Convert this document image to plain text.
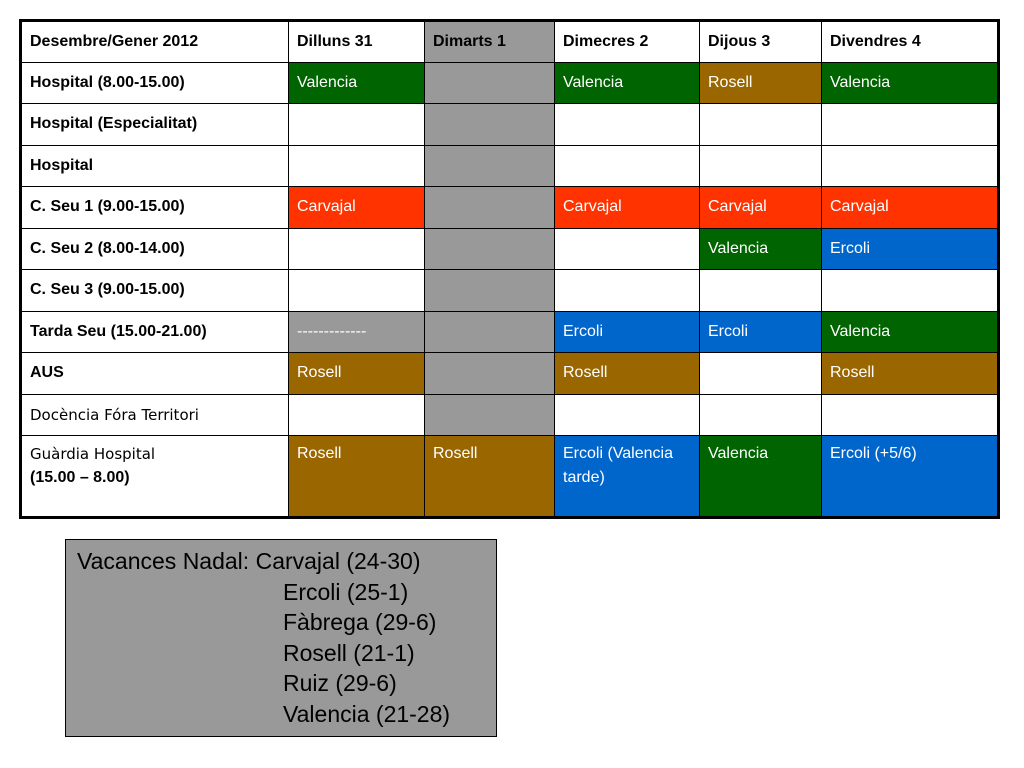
Desembre/Gener 2012	Dilluns 31	Dimarts 1	Dimecres 2	Dijous 3	Divendres 4
Hospital (8.00-15.00)	Valencia		Valencia	Rosell	Valencia
Hospital (Especialitat)					
Hospital					
C. Seu 1 (9.00-15.00)	Carvajal		Carvajal	Carvajal	Carvajal
C. Seu 2 (8.00-14.00)				Valencia	Ercoli
C. Seu 3 (9.00-15.00)					
Tarda Seu (15.00-21.00)	-------------		Ercoli	Ercoli	Valencia
AUS	Rosell		Rosell		Rosell
Docència Fóra Territori					

Guàrdia Hospital
(15.00 – 8.00)	Rosell	Rosell	Ercoli (Valencia tarde)	Valencia	Ercoli (+5/6)
Vacances Nadal: Carvajal (24-30)
Ercoli (25-1)
Fàbrega (29-6)
Rosell (21-1)
Ruiz (29-6)
Valencia (21-28)
